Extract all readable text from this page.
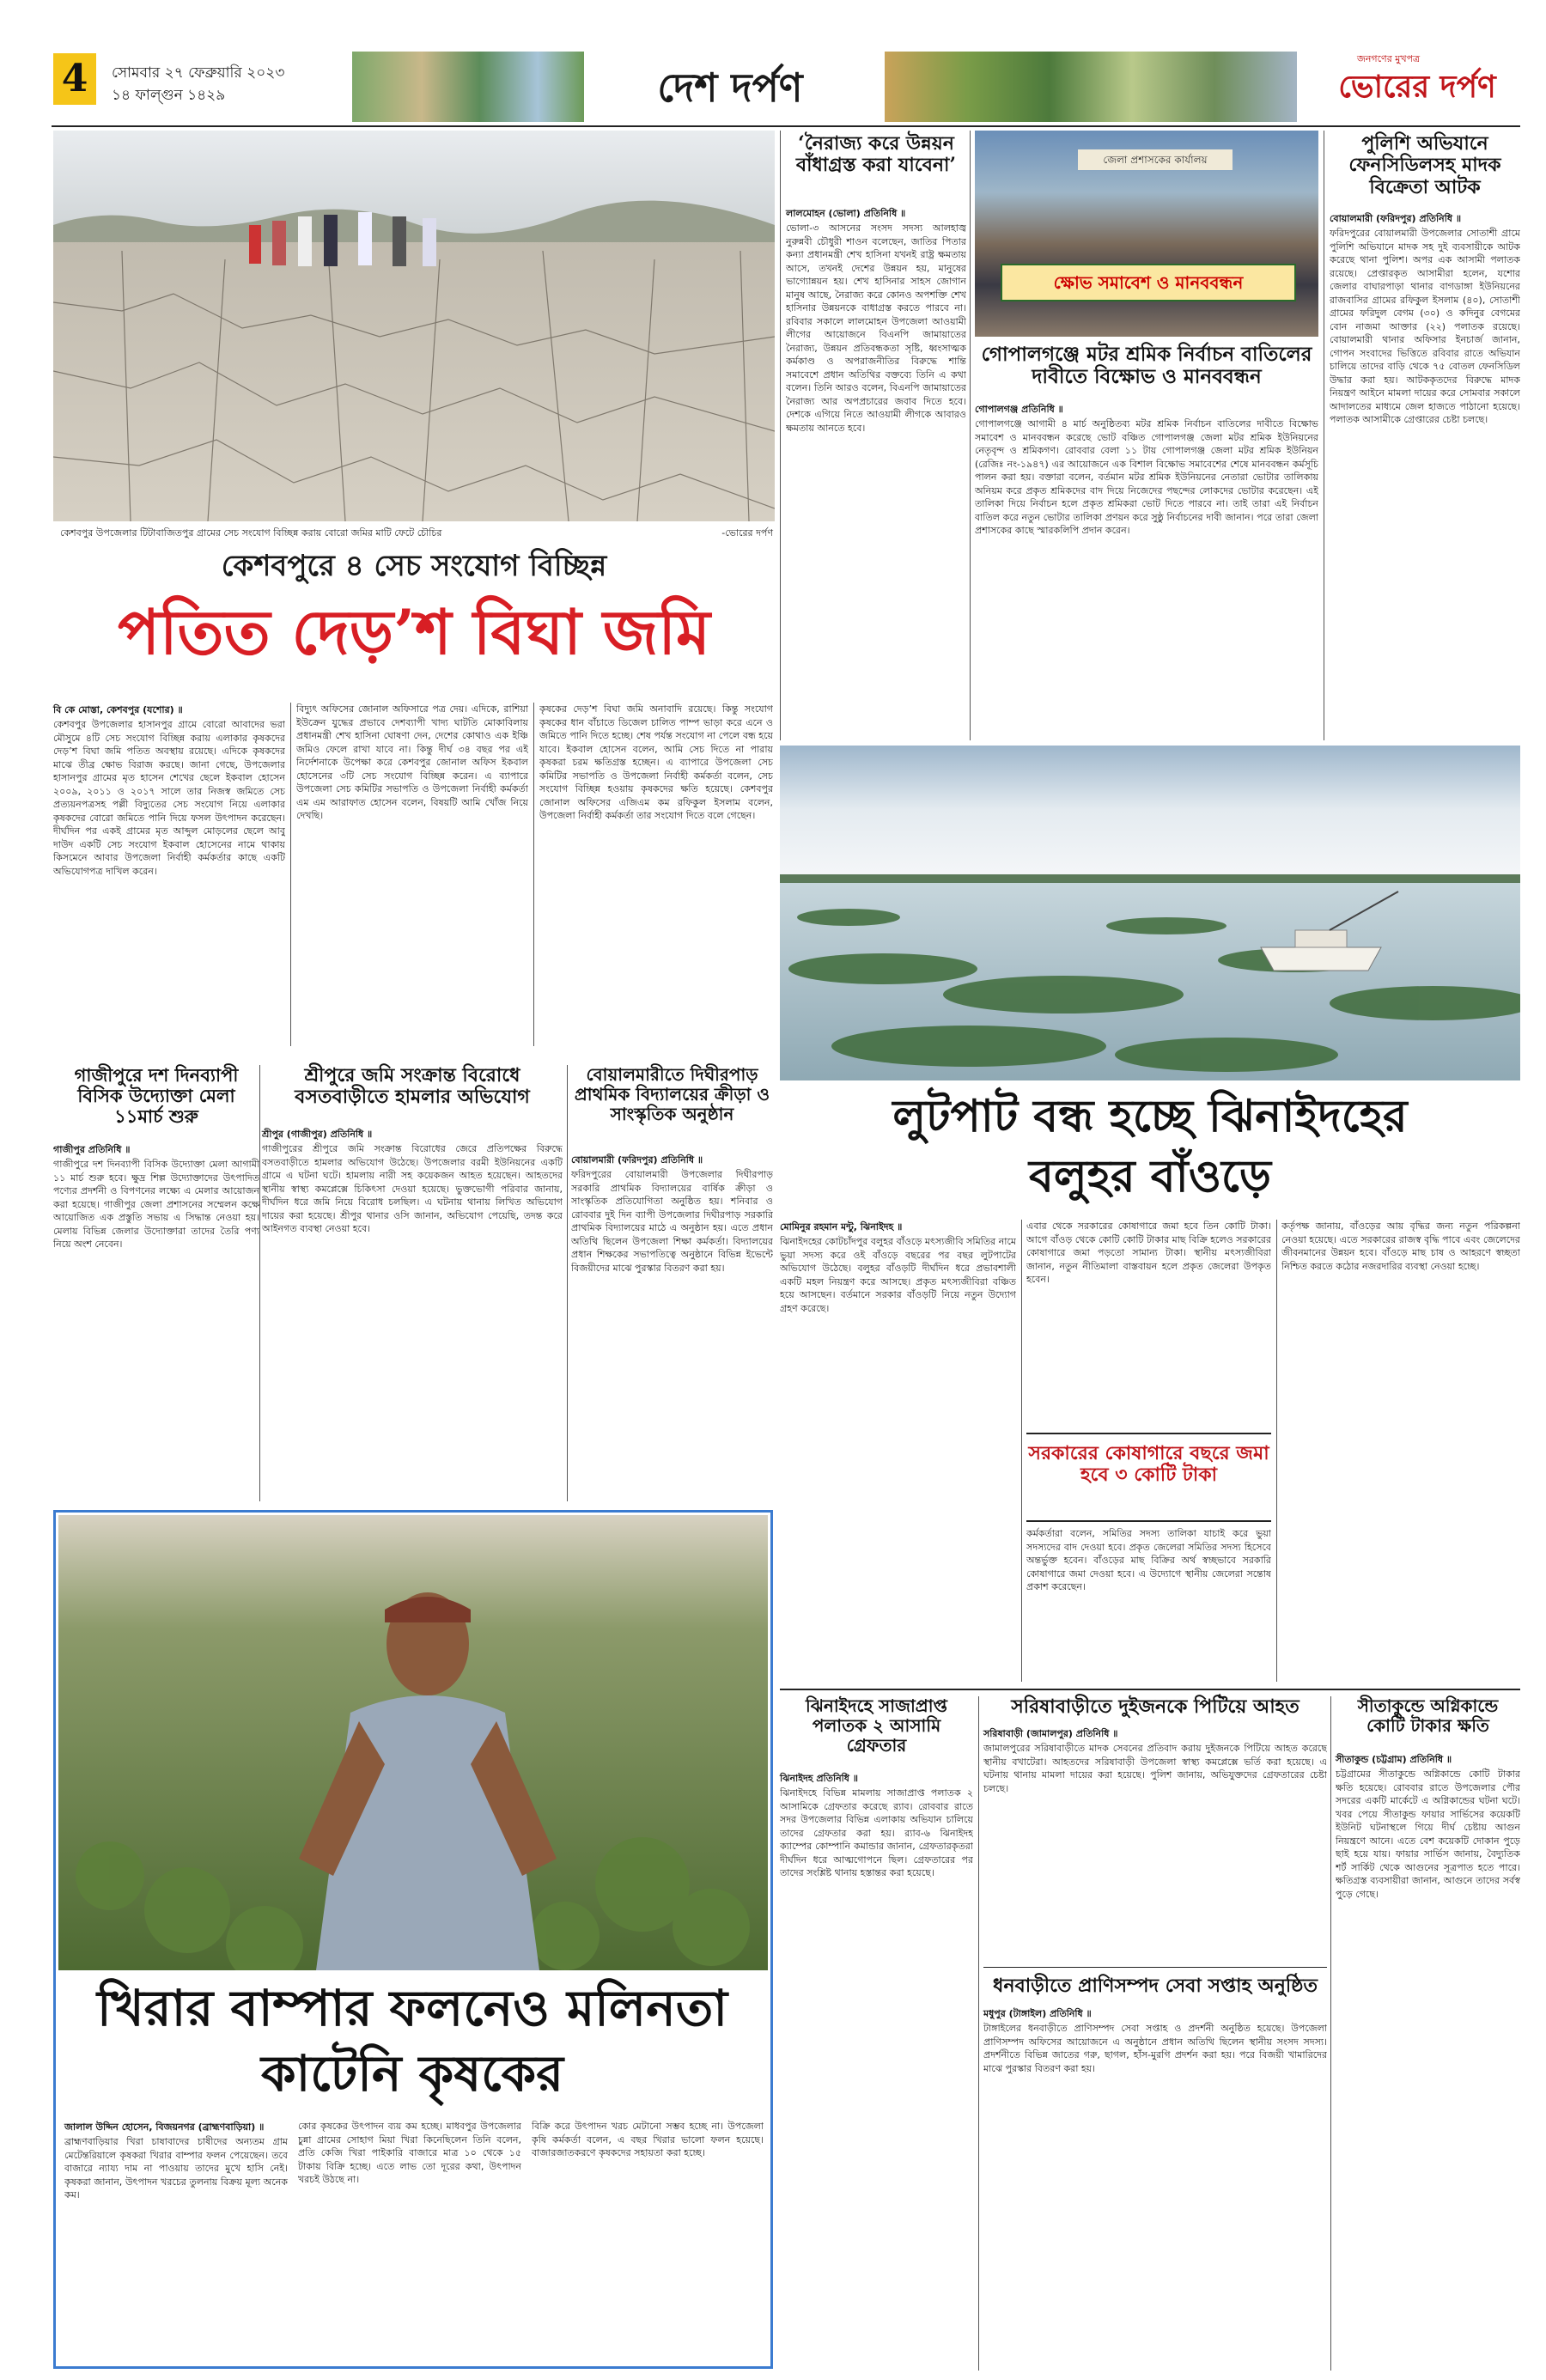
4	সোমবার ২৭ ফেব্রুয়ারি ২০২৩
১৪ ফাল্গুন ১৪২৯	দেশ দর্পণ
জনগণের মুখপত্র
ভোরের দর্পণ
কেশবপুর উপজেলার টিটাবাজিতপুর গ্রামের সেচ সংযোগ বিচ্ছিন্ন করায় বোরো জমির মাটি ফেটে চৌচির	-ভোরের দর্পণ
কেশবপুরে ৪ সেচ সংযোগ বিচ্ছিন্ন
পতিত দেড়’শ বিঘা জমি
বি কে মোস্তা, কেশবপুর (যশোর) ॥
কেশবপুর উপজেলার হাসানপুর গ্রামে বোরো আবাদের ভরা মৌসুমে ৪টি সেচ সংযোগ বিচ্ছিন্ন করায় এলাকার কৃষকদের দেড়’শ বিঘা জমি পতিত অবস্থায় রয়েছে। এদিকে কৃষকদের মাঝে তীব্র ক্ষোভ বিরাজ করছে। জানা গেছে, উপজেলার হাসানপুর গ্রামের মৃত হাসেন শেখের ছেলে ইকবাল হোসেন ২০০৯, ২০১১ ও ২০১৭ সালে তার নিজস্ব জমিতে সেচ প্রত্যয়নপত্রসহ পল্লী বিদ্যুতের সেচ সংযোগ নিয়ে এলাকার কৃষকদের বোরো জমিতে পানি দিয়ে ফসল উৎপাদন করেছেন। দীর্ঘদিন পর একই গ্রামের মৃত আব্দুল মোড়লের ছেলে আবু দাউদ একটি সেচ সংযোগ ইকবাল হোসেনের নামে থাকায় কিসমেনে আবার উপজেলা নির্বাহী কর্মকর্তার কাছে একটি অভিযোগপত্র দাখিল করেন।
বিদ্যুৎ অফিসের জোনাল অফিসারে পত্র দেয়। এদিকে, রাশিয়া ইউক্রেন যুদ্ধের প্রভাবে দেশব্যাপী খাদ্য ঘাটতি মোকাবিলায় প্রধানমন্ত্রী শেখ হাসিনা ঘোষণা দেন, দেশের কোথাও এক ইঞ্চি জমিও ফেলে রাখা যাবে না। কিন্তু দীর্ঘ ৩৪ বছর পর এই নির্দেশনাকে উপেক্ষা করে কেশবপুর জোনাল অফিস ইকবাল হোসেনের ৩টি সেচ সংযোগ বিচ্ছিন্ন করেন। এ ব্যাপারে উপজেলা সেচ কমিটির সভাপতি ও উপজেলা নির্বাহী কর্মকর্তা এম এম আরাফাত হোসেন বলেন, বিষয়টি আমি খোঁজ নিয়ে দেখছি।
কৃষকের দেড়’শ বিঘা জমি অনাবাদি রয়েছে। কিন্তু সংযোগ কৃষকের ধান বাঁচাতে ডিজেল চালিত পাম্প ভাড়া করে এনে ও জমিতে পানি দিতে হচ্ছে। শেষ পর্যন্ত সংযোগ না পেলে বন্ধ হয়ে যাবে। ইকবাল হোসেন বলেন, আমি সেচ দিতে না পারায় কৃষকরা চরম ক্ষতিগ্রস্ত হচ্ছেন। এ ব্যাপারে উপজেলা সেচ কমিটির সভাপতি ও উপজেলা নির্বাহী কর্মকর্তা বলেন, সেচ সংযোগ বিচ্ছিন্ন হওয়ায় কৃষকদের ক্ষতি হয়েছে। কেশবপুর জোনাল অফিসের এজিএম কম রফিকুল ইসলাম বলেন, উপজেলা নির্বাহী কর্মকর্তা তার সংযোগ দিতে বলে গেছেন।
‘নৈরাজ্য করে উন্নয়ন বাঁধাগ্রস্ত করা যাবেনা’
লালমোহন (ভোলা) প্রতিনিধি ॥
ভোলা-৩ আসনের সংসদ সদস্য আলহাজ্ব নুরুন্নবী চৌধুরী শাওন বলেছেন, জাতির পিতার কন্যা প্রধানমন্ত্রী শেখ হাসিনা যখনই রাষ্ট্র ক্ষমতায় আসে, তখনই দেশের উন্নয়ন হয়, মানুষের ভাগ্যোন্নয়ন হয়। শেখ হাসিনার সাহস জোগান মানুষ আছে, নৈরাজ্য করে কোনও অপশক্তি শেখ হাসিনার উন্নয়নকে বাধাগ্রস্ত করতে পারবে না। রবিবার সকালে লালমোহন উপজেলা আওয়ামী লীগের আয়োজনে বিএনপি জামায়াতের নৈরাজ্য, উন্নয়ন প্রতিবন্ধকতা সৃষ্টি, ধ্বংসাত্মক কর্মকাণ্ড ও অপরাজনীতির বিরুদ্ধে শান্তি সমাবেশে প্রধান অতিথির বক্তব্যে তিনি এ কথা বলেন। তিনি আরও বলেন, বিএনপি জামায়াতের নৈরাজ্য আর অপপ্রচারের জবাব দিতে হবে। দেশকে এগিয়ে নিতে আওয়ামী লীগকে আবারও ক্ষমতায় আনতে হবে।
জেলা প্রশাসকের কার্যালয়
ক্ষোভ সমাবেশ ও মানববন্ধন
গোপালগঞ্জে মটর শ্রমিক নির্বাচন বাতিলের দাবীতে বিক্ষোভ ও মানববন্ধন
গোপালগঞ্জ প্রতিনিধি ॥
গোপালগঞ্জে আগামী ৪ মার্চ অনুষ্ঠিতব্য মটর শ্রমিক নির্বাচন বাতিলের দাবীতে বিক্ষোভ সমাবেশ ও মানববন্ধন করেছে ভোট বঞ্চিত গোপালগঞ্জ জেলা মটর শ্রমিক ইউনিয়নের নেতৃবৃন্দ ও শ্রমিকগণ। রোববার বেলা ১১ টায় গোপালগঞ্জ জেলা মটর শ্রমিক ইউনিয়ন (রেজিঃ নং-১৯৪৭) এর আয়োজনে এক বিশাল বিক্ষোভ সমাবেশের শেষে মানববন্ধন কর্মসূচি পালন করা হয়। বক্তারা বলেন, বর্তমান মটর শ্রমিক ইউনিয়নের নেতারা ভোটার তালিকায় অনিয়ম করে প্রকৃত শ্রমিকদের বাদ দিয়ে নিজেদের পছন্দের লোকদের ভোটার করেছেন। এই তালিকা দিয়ে নির্বাচন হলে প্রকৃত শ্রমিকরা ভোট দিতে পারবে না। তাই তারা এই নির্বাচন বাতিল করে নতুন ভোটার তালিকা প্রণয়ন করে সুষ্ঠু নির্বাচনের দাবী জানান। পরে তারা জেলা প্রশাসকের কাছে স্মারকলিপি প্রদান করেন।
পুলিশি অভিযানে ফেনসিডিলসহ মাদক বিক্রেতা আটক
বোয়ালমারী (ফরিদপুর) প্রতিনিধি ॥
ফরিদপুরের বোয়ালমারী উপজেলার সোতাশী গ্রামে পুলিশি অভিযানে মাদক সহ দুই ব্যবসায়ীকে আটক করেছে থানা পুলিশ। অপর এক আসামী পলাতক রয়েছে। প্রেপ্তারকৃত আসামীরা হলেন, যশোর জেলার বাঘারপাড়া থানার বাগডাঙ্গা ইউনিয়নের রাজবাসির গ্রামের রফিকুল ইসলাম (৪০), সোতাশী গ্রামের ফরিদুল বেগম (৩০) ও কদিনুর বেগমের বোন নাজমা আক্তার (২২) পলাতক রয়েছে। বোয়ালমারী থানার অফিসার ইনচার্জ জানান, গোপন সংবাদের ভিত্তিতে রবিবার রাতে অভিযান চালিয়ে তাদের বাড়ি থেকে ৭৫ বোতল ফেনসিডিল উদ্ধার করা হয়। আটককৃতদের বিরুদ্ধে মাদক নিয়ন্ত্রণ আইনে মামলা দায়ের করে সোমবার সকালে আদালতের মাধ্যমে জেল হাজতে পাঠানো হয়েছে। পলাতক আসামীকে গ্রেপ্তারের চেষ্টা চলছে।
গাজীপুরে দশ দিনব্যাপী বিসিক উদ্যোক্তা মেলা ১১মার্চ শুরু
গাজীপুর প্রতিনিধি ॥
গাজীপুরে দশ দিনব্যাপী বিসিক উদ্যোক্তা মেলা আগামী ১১ মার্চ শুরু হবে। ক্ষুদ্র শিল্প উদ্যোক্তাদের উৎপাদিত পণ্যের প্রদর্শনী ও বিপণনের লক্ষ্যে এ মেলার আয়োজন করা হয়েছে। গাজীপুর জেলা প্রশাসনের সম্মেলন কক্ষে আয়োজিত এক প্রস্তুতি সভায় এ সিদ্ধান্ত নেওয়া হয়। মেলায় বিভিন্ন জেলার উদ্যোক্তারা তাদের তৈরি পণ্য নিয়ে অংশ নেবেন।
শ্রীপুরে জমি সংক্রান্ত বিরোধে বসতবাড়ীতে হামলার অভিযোগ
শ্রীপুর (গাজীপুর) প্রতিনিধি ॥
গাজীপুরের শ্রীপুরে জমি সংক্রান্ত বিরোধের জেরে প্রতিপক্ষের বিরুদ্ধে বসতবাড়ীতে হামলার অভিযোগ উঠেছে। উপজেলার বরমী ইউনিয়নের একটি গ্রামে এ ঘটনা ঘটে। হামলায় নারী সহ কয়েকজন আহত হয়েছেন। আহতদের স্থানীয় স্বাস্থ্য কমপ্লেক্সে চিকিৎসা দেওয়া হয়েছে। ভুক্তভোগী পরিবার জানায়, দীর্ঘদিন ধরে জমি নিয়ে বিরোধ চলছিল। এ ঘটনায় থানায় লিখিত অভিযোগ দায়ের করা হয়েছে। শ্রীপুর থানার ওসি জানান, অভিযোগ পেয়েছি, তদন্ত করে আইনগত ব্যবস্থা নেওয়া হবে।
বোয়ালমারীতে দিঘীরপাড় প্রাথমিক বিদ্যালয়ের ক্রীড়া ও সাংস্কৃতিক অনুষ্ঠান
বোয়ালমারী (ফরিদপুর) প্রতিনিধি ॥
ফরিদপুরের বোয়ালমারী উপজেলার দিঘীরপাড় সরকারি প্রাথমিক বিদ্যালয়ের বার্ষিক ক্রীড়া ও সাংস্কৃতিক প্রতিযোগিতা অনুষ্ঠিত হয়। শনিবার ও রোববার দুই দিন ব্যাপী উপজেলার দিঘীরপাড় সরকারি প্রাথমিক বিদ্যালয়ের মাঠে এ অনুষ্ঠান হয়। এতে প্রধান অতিথি ছিলেন উপজেলা শিক্ষা কর্মকর্তা। বিদ্যালয়ের প্রধান শিক্ষকের সভাপতিত্বে অনুষ্ঠানে বিভিন্ন ইভেন্টে বিজয়ীদের মাঝে পুরস্কার বিতরণ করা হয়।
লুটপাট বন্ধ হচ্ছে ঝিনাইদহের
বলুহর বাঁওড়ে
মোমিনুর রহমান মন্টু, ঝিনাইদহ ॥
ঝিনাইদহের কোটচাঁদপুর বলুহর বাঁওড়ে মৎস্যজীবি সমিতির নামে ভুয়া সদস্য করে ওই বাঁওড়ে বছরের পর বছর লুটপাটের অভিযোগ উঠেছে। বলুহর বাঁওড়টি দীর্ঘদিন ধরে প্রভাবশালী একটি মহল নিয়ন্ত্রণ করে আসছে। প্রকৃত মৎস্যজীবিরা বঞ্চিত হয়ে আসছেন। বর্তমানে সরকার বাঁওড়টি নিয়ে নতুন উদ্যোগ গ্রহণ করেছে।
এবার থেকে সরকারের কোষাগারে জমা হবে তিন কোটি টাকা। আগে বাঁওড় থেকে কোটি কোটি টাকার মাছ বিক্রি হলেও সরকারের কোষাগারে জমা পড়তো সামান্য টাকা। স্থানীয় মৎস্যজীবিরা জানান, নতুন নীতিমালা বাস্তবায়ন হলে প্রকৃত জেলেরা উপকৃত হবেন।
সরকারের কোষাগারে বছরে জমা হবে ৩ কোটি টাকা
কর্মকর্তারা বলেন, সমিতির সদস্য তালিকা যাচাই করে ভুয়া সদস্যদের বাদ দেওয়া হবে। প্রকৃত জেলেরা সমিতির সদস্য হিসেবে অন্তর্ভুক্ত হবেন। বাঁওড়ের মাছ বিক্রির অর্থ স্বচ্ছভাবে সরকারি কোষাগারে জমা দেওয়া হবে। এ উদ্যোগে স্থানীয় জেলেরা সন্তোষ প্রকাশ করেছেন।
কর্তৃপক্ষ জানায়, বাঁওড়ের আয় বৃদ্ধির জন্য নতুন পরিকল্পনা নেওয়া হয়েছে। এতে সরকারের রাজস্ব বৃদ্ধি পাবে এবং জেলেদের জীবনমানের উন্নয়ন হবে। বাঁওড়ে মাছ চাষ ও আহরণে স্বচ্ছতা নিশ্চিত করতে কঠোর নজরদারির ব্যবস্থা নেওয়া হচ্ছে।
খিরার বাম্পার ফলনেও মলিনতা কাটেনি কৃষকের
জালাল উদ্দিন হোসেন, বিজয়নগর (ব্রাহ্মণবাড়িয়া) ॥
ব্রাহ্মণবাড়িয়ার খিরা চাষাবাদের চাষীদের অন্যতম গ্রাম মেটেন্তরিয়ালে কৃষকরা খিরার বাম্পার ফলন পেয়েছেন। তবে বাজারে ন্যায্য দাম না পাওয়ায় তাদের মুখে হাসি নেই। কৃষকরা জানান, উৎপাদন খরচের তুলনায় বিক্রয় মূল্য অনেক কম।
কাের কৃষকের উৎপাদন ব্যয় কম হচ্ছে। মাধবপুর উপজেলার চুন্না গ্রামের সোহাগ মিয়া খিরা কিনেছিলেন তিনি বলেন, প্রতি কেজি খিরা পাইকারি বাজারে মাত্র ১০ থেকে ১৫ টাকায় বিক্রি হচ্ছে। এতে লাভ তো দূরের কথা, উৎপাদন খরচই উঠছে না।
বিক্রি করে উৎপাদন খরচ মেটানো সম্ভব হচ্ছে না। উপজেলা কৃষি কর্মকর্তা বলেন, এ বছর খিরার ভালো ফলন হয়েছে। বাজারজাতকরণে কৃষকদের সহায়তা করা হচ্ছে।
ঝিনাইদহে সাজাপ্রাপ্ত পলাতক ২ আসামি গ্রেফতার
ঝিনাইদহ প্রতিনিধি ॥
ঝিনাইদহে বিভিন্ন মামলায় সাজাপ্রাপ্ত পলাতক ২ আসামিকে গ্রেফতার করেছে র‌্যাব। রোববার রাতে সদর উপজেলার বিভিন্ন এলাকায় অভিযান চালিয়ে তাদের গ্রেফতার করা হয়। র‌্যাব-৬ ঝিনাইদহ ক্যাম্পের কোম্পানি কমান্ডার জানান, গ্রেফতারকৃতরা দীর্ঘদিন ধরে আত্মগোপনে ছিল। গ্রেফতারের পর তাদের সংশ্লিষ্ট থানায় হস্তান্তর করা হয়েছে।
সরিষাবাড়ীতে দুইজনকে পিটিয়ে আহত
সরিষাবাড়ী (জামালপুর) প্রতিনিধি ॥
জামালপুরের সরিষাবাড়ীতে মাদক সেবনের প্রতিবাদ করায় দুইজনকে পিটিয়ে আহত করেছে স্থানীয় বখাটেরা। আহতদের সরিষাবাড়ী উপজেলা স্বাস্থ্য কমপ্লেক্সে ভর্তি করা হয়েছে। এ ঘটনায় থানায় মামলা দায়ের করা হয়েছে। পুলিশ জানায়, অভিযুক্তদের গ্রেফতারের চেষ্টা চলছে।
ধনবাড়ীতে প্রাণিসম্পদ সেবা সপ্তাহ অনুষ্ঠিত
মধুপুর (টাঙ্গাইল) প্রতিনিধি ॥
টাঙ্গাইলের ধনবাড়ীতে প্রাণিসম্পদ সেবা সপ্তাহ ও প্রদর্শনী অনুষ্ঠিত হয়েছে। উপজেলা প্রাণিসম্পদ অফিসের আয়োজনে এ অনুষ্ঠানে প্রধান অতিথি ছিলেন স্থানীয় সংসদ সদস্য। প্রদর্শনীতে বিভিন্ন জাতের গরু, ছাগল, হাঁস-মুরগি প্রদর্শন করা হয়। পরে বিজয়ী খামারিদের মাঝে পুরস্কার বিতরণ করা হয়।
সীতাকুন্ডে অগ্নিকান্ডে কোটি টাকার ক্ষতি
সীতাকুন্ড (চট্টগ্রাম) প্রতিনিধি ॥
চট্টগ্রামের সীতাকুন্ডে অগ্নিকান্ডে কোটি টাকার ক্ষতি হয়েছে। রোববার রাতে উপজেলার পৌর সদরের একটি মার্কেটে এ অগ্নিকান্ডের ঘটনা ঘটে। খবর পেয়ে সীতাকুন্ড ফায়ার সার্ভিসের কয়েকটি ইউনিট ঘটনাস্থলে গিয়ে দীর্ঘ চেষ্টায় আগুন নিয়ন্ত্রণে আনে। এতে বেশ কয়েকটি দোকান পুড়ে ছাই হয়ে যায়। ফায়ার সার্ভিস জানায়, বৈদ্যুতিক শর্ট সার্কিট থেকে আগুনের সূত্রপাত হতে পারে। ক্ষতিগ্রস্ত ব্যবসায়ীরা জানান, আগুনে তাদের সর্বস্ব পুড়ে গেছে।
